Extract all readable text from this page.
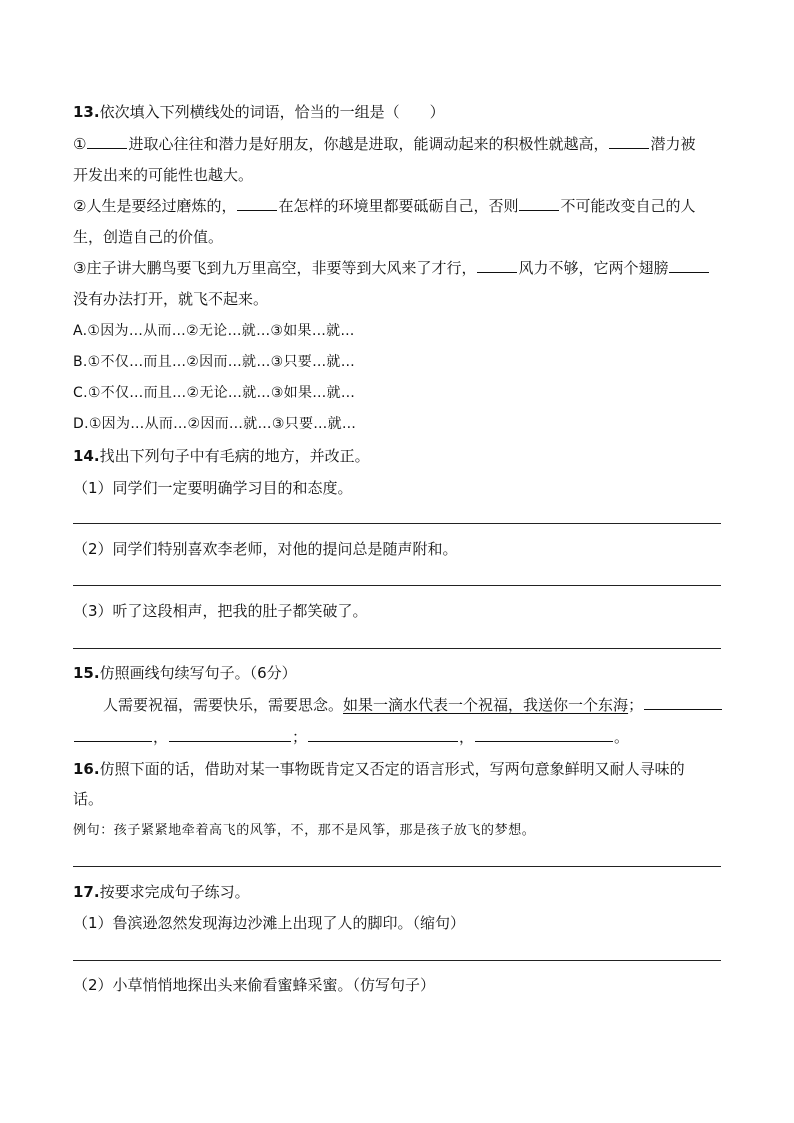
13.依次填入下列横线处的词语，恰当的一组是（　　）
①	进取心往往和潜力是好朋友，你越是进取，能调动起来的积极性就越高，	潜力被
开发出来的可能性也越大。
②人生是要经过磨炼的，	在怎样的环境里都要砥砺自己，否则	不可能改变自己的人
生，创造自己的价值。
③庄子讲大鹏鸟要飞到九万里高空，非要等到大风来了才行，	风力不够，它两个翅膀
没有办法打开，就飞不起来。
A.①因为…从而…②无论…就…③如果…就…
B.①不仅…而且…②因而…就…③只要…就…
C.①不仅…而且…②无论…就…③如果…就…
D.①因为…从而…②因而…就…③只要…就…
14.找出下列句子中有毛病的地方，并改正。
（1）同学们一定要明确学习目的和态度。
（2）同学们特别喜欢李老师，对他的提问总是随声附和。
（3）听了这段相声，把我的肚子都笑破了。
15.仿照画线句续写句子。（6分）
人需要祝福，需要快乐，需要思念。如果一滴水代表一个祝福，我送你一个东海；
，	；	，	。
16.仿照下面的话，借助对某一事物既肯定又否定的语言形式，写两句意象鲜明又耐人寻味的
话。
例句：孩子紧紧地牵着高飞的风筝，不，那不是风筝，那是孩子放飞的梦想。
17.按要求完成句子练习。
（1）鲁滨逊忽然发现海边沙滩上出现了人的脚印。（缩句）
（2）小草悄悄地探出头来偷看蜜蜂采蜜。（仿写句子）
